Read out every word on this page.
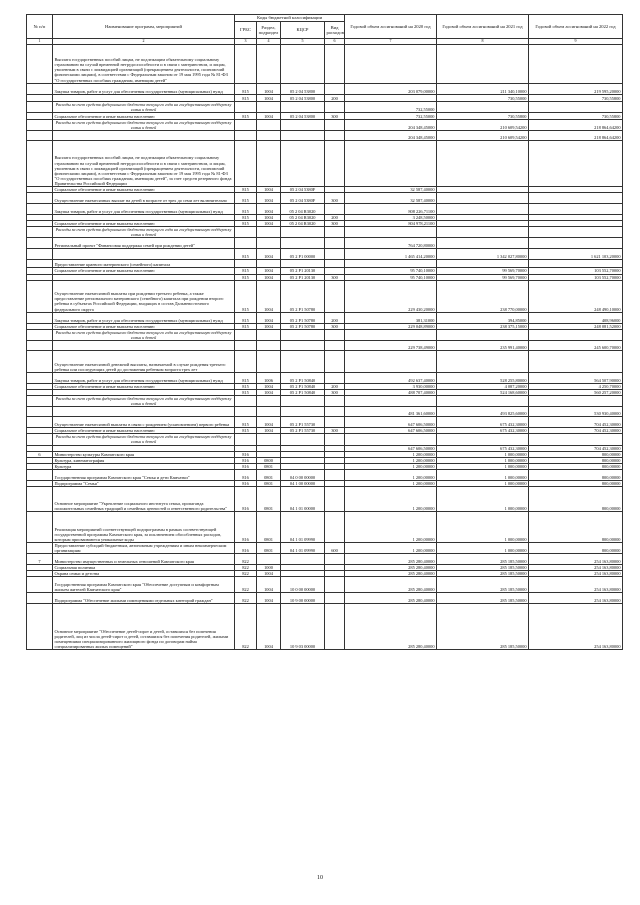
№ п/п	Наименование программ, мероприятий	Коды бюджетной классификации				Годовой объем ассигнований на 2020 год	Годовой объем ассигнований на 2021 год	Годовой объем ассигнований на 2022 год
		ГРБС	Раздел, подраздел	КЦСР	Вид расходов			
1	2	3	4	5	6	7	8	9
	Выплата государственных пособий лицам, не подлежащим обязательному социальному страхованию на случай временной нетрудоспособности и в связи с материнством, и лицам, уволенным в связи с ликвидацией организаций (прекращением деятельности, полномочий физическими лицами), в соответствии с Федеральным законом от 19 мая 1995 года № 81-ФЗ "О государственных пособиях гражданам, имеющим детей"							
	Закупка товаров, работ и услуг для обеспечения государственных (муниципальных) нужд	815	1004	05 2 04 53800		203 079,00000	211 340,10000	219 595,20000
		815	1004	05 2 04 53800	200		730,55000	730,55800
	Расходы за счет средств федерального бюджета текущего года на государственную поддержку семьи и детей					732,55000		
	Социальное обеспечение и иные выплаты населению	815	1004	05 2 04 53800	300	732,55000	730,55800	730,55800
	Расходы за счет средств федерального бюджета текущего года на государственную поддержку семьи и детей					204 348,45000	210 609,54200	218 864,64200
						204 348,45000	210 609,54200	218 864,64200
	Выплата государственных пособий лицам, не подлежащим обязательному социальному страхованию на случай временной нетрудоспособности и в связи с материнством, и лицам, уволенным в связи с ликвидацией организаций (прекращением деятельности, полномочий физическими лицами), в соответствии с Федеральным законом от 19 мая 1995 года № 81-ФЗ "О государственных пособиях гражданам, имеющим детей", за счет средств резервного фонда Правительства Российской Федерации							
	Социальное обеспечение и иные выплаты населению	815	1004	05 2 04 5380F		32 587,40000		
	Осуществление ежемесячных выплат на детей в возрасте от трех до семи лет включительно	815	1004	05 2 04 5380F	300	32 587,40000		
	Закупка товаров, работ и услуг для обеспечения государственных (муниципальных) нужд	815	1004	05 2 04 R3020		808 226,71100		
		815	1004	05 2 04 R3020	200	3 248,50000		
	Социальное обеспечение и иные выплаты населению	815	1004	05 2 04 R3020	300	804 978,21100		
	Расходы за счет средств федерального бюджета текущего года на государственную поддержку семьи и детей							
	Региональный проект "Финансовая поддержка семей при рождении детей"					764 720,80000		
		815	1004	05 2 P1 00000		1 465 414,20000	1 342 027,80000	1 621 103,20000
	Предоставление краевого материнского (семейного) капитала							
	Социальное обеспечение и иные выплаты населению	815	1004	05 2 P1 20130		95 740,10000	99 569,70000	103 552,70000
		815	1004	05 2 P1 20130	300	95 740,10000	99 569,70000	103 552,70000
	Осуществление ежемесячной выплаты при рождении третьего ребенка, а также предоставление регионального материнского (семейного) капитала при рождении второго ребенка в субъектах Российской Федерации, входящих в состав Дальневосточного федерального округа	815	1004	05 2 P1 50780		229 430,20000	238 770,00000	248 490,10000
	Закупка товаров, работ и услуг для обеспечения государственных (муниципальных) нужд	815	1004	05 2 P1 50780	200	381,31000	394,85000	408,96000
	Социальное обеспечение и иные выплаты населению	815	1004	05 2 P1 50780	300	229 048,89000	238 375,15000	248 081,52000
	Расходы за счет средств федерального бюджета текущего года на государственную поддержку семьи и детей							
						229 738,49000	235 991,40000	245 600,70000
	Осуществление ежемесячной денежной выплаты, назначаемой в случае рождения третьего ребенка или последующих детей до достижения ребенком возраста трех лет							
	Закупка товаров, работ и услуг для обеспечения государственных (муниципальных) нужд	815	1006	05 2 P1 50840		492 637,40000	528 255,80000	564 507,90000
	Социальное обеспечение и иные выплаты населению	815	1004	05 2 P1 50840	200	3 930,00000	4 087,20000	4 250,70000
		815	1004	05 2 P1 50840	300	488 707,40000	524 168,60000	560 257,20000
	Расходы за счет средств федерального бюджета текущего года на государственную поддержку семьи и детей							
						481 361,60000	493 825,60000	530 930,40000
	Осуществление ежемесячной выплаты в связи с рождением (усыновлением) первого ребенка	815	1004	05 2 P1 55730		647 606,50000	675 432,30000	704 452,30000
	Социальное обеспечение и иные выплаты населению	815	1004	05 2 P1 55730	300	647 606,50000	675 432,30000	704 452,30000
	Расходы за счет средств федерального бюджета текущего года на государственную поддержку семьи и детей							
						647 606,50000	675 432,30000	704 452,30000
6	Министерство культуры Камчатского края	816				1 200,00000	1 000,00000	800,00000
	Культура, кинематография	816	0800			1 200,00000	1 000,00000	800,00000
	Культура	816	0801			1 200,00000	1 000,00000	800,00000
	Государственная программа Камчатского края "Семья и дети Камчатки"	816	0801	04 0 00 00000		1 200,00000	1 000,00000	800,00000
	Подпрограмма "Семья"	816	0801	04 1 00 00000		1 200,00000	1 000,00000	800,00000
	Основное мероприятие "Укрепление социального института семьи, пропаганда положительных семейных традиций и семейных ценностей и ответственного родительства"	816	0801	04 1 01 00000		1 200,00000	1 000,00000	800,00000
	Реализация мероприятий соответствующей подпрограммы в рамках соответствующей государственной программы Камчатского края, за исключением обособленных расходов, которым присваиваются уникальные коды	816	0801	04 1 01 09990		1 200,00000	1 000,00000	800,00000
	Предоставление субсидий бюджетным, автономным учреждениям и иным некоммерческим организациям	816	0801	04 1 01 09990	600	1 200,00000	1 000,00000	800,00000
7	Министерство имущественных и земельных отношений Камчатского края	822				285 280,40000	285 185,50000	254 163,80000
	Социальная политика	822	1000			285 280,40000	285 185,50000	254 163,80000
	Охрана семьи и детства	822	1004			285 280,40000	285 185,50000	254 163,80000
	Государственная программа Камчатского края "Обеспечение доступным и комфортным жильем жителей Камчатского края"	822	1004	10 0 00 00000		285 280,40000	285 185,50000	254 163,80000
	Подпрограмма "Обеспечение жилыми помещениями отдельных категорий граждан"	822	1004	10 9 00 00000		285 280,40000	285 185,50000	254 163,80000
	Основное мероприятие "Обеспечение детей-сирот и детей, оставшихся без попечения родителей, лиц из числа детей-сирот и детей, оставшихся без попечения родителей, жилыми помещениями специализированного жилищного фонда по договорам найма специализированных жилых помещений"	822	1004	10 9 03 00000		285 280,40000	285 185,50000	254 163,80000
10
